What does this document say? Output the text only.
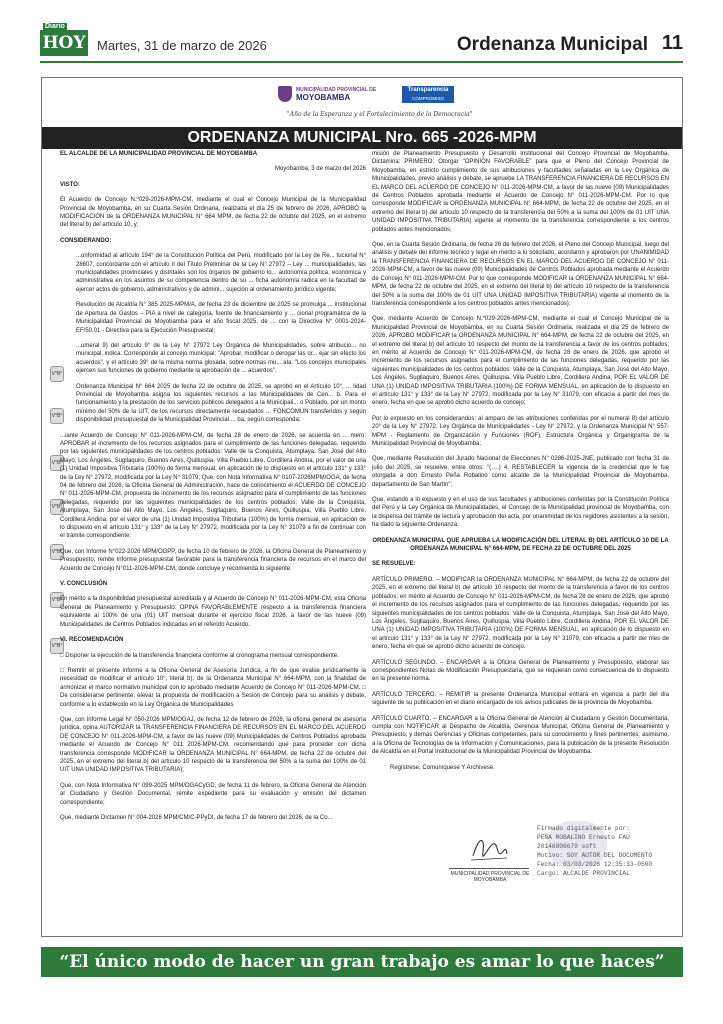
Diario
HOY Martes, 31 de marzo de 2026	Ordenanza Municipal 11
MUNICIPALIDAD PROVINCIAL DE
MOYOBAMBA
Transparencia
COMPROMISO
"Año de la Esperanza y el Fortalecimiento de la Democracia"
ORDENANZA MUNICIPAL Nro. 665 -2026-MPM
V°B°
V°B°
V°B°
V°B°
V°B°
V°B°
V°B°

EL ALCALDE DE LA MUNICIPALIDAD PROVINCIAL DE MOYOBAMBA

Moyobamba, 3 de marzo del 2026

VISTO:

El Acuerdo de Concejo N.º029-2026-MPM-CM, mediante el cual el Concejo Municipal de la Municipalidad Provincial de Moyobamba, en su Cuarta Sesión Ordinaria, realizada el día 25 de febrero de 2026, APROBÓ la MODIFICACIÓN de la ORDENANZA MUNICIPAL N° 664 MPM, de fecha 22 de octubre del 2025, en el extremo del literal b) del artículo 10, y;

CONSIDERANDO:

...onformidad al artículo 194° de la Constitución Política del Perú, modificado por la Ley de Re... tucional N° 28607, concordante con el artículo II del Título Preliminar de la Ley N° 27972 – Ley ... municipalidades, las municipalidades provinciales y distritales son los órganos de gobierno lo... autonomía política, económica y administrativa en los asuntos de su competencia dentro de su ... ficha autonomía radica en la facultad de ejercer actos de gobierno, administrativos y de admini... sujeción al ordenamiento jurídico vigente;

Resolución de Alcaldía N° 385 2025-MPM/A, de fecha 23 de diciembre de 2025 se promulga ... institucional de Apertura de Gastos – PIA a nivel de categoría, fuente de financiamiento y ... cional programática de la Municipalidad Provincial de Moyobamba para el año fiscal 2025, de ... con la Directiva N° 0001-2024-EF/50.01 - Directiva para la Ejecución Presupuestal;

...umeral 9) del artículo 9° de la Ley N° 27972 Ley Orgánica de Municipalidades, sobre atribucio... no municipal, indica: Corresponde al concejo municipal: "Aprobar, modificar o derogar las or... ejar sin efecto los acuerdos", y el artículo 39° de la misma norma glosada, sobre normas mu... ala: "Los concejos municipales ejercen sus funciones de gobierno mediante la aprobación de ... acuerdos".

Ordenanza Municipal N° 664 2025 de fecha 22 de octubre de 2025, se aprobó en el Artículo 10°, ... lidad Provincial de Moyobamba asigna los siguientes recursos a las Municipalidades de Cen... b. Para el funcionamiento y la prestación de los servicios públicos delegados a la Municipali... o Poblado, por un monto mínimo del 50% de la UIT, de los recursos directamente recaudados ... FONCOMUN transferidos y según disponibilidad presupuestal de la Municipalidad Provincial ... ba, según corresponda:

...iante Acuerdo de Concejo N° 011-2026-MPM-CM, de fecha 28 de enero de 2026, se acuerda en ... mero: APROBAR el incremento de los recursos asignados para el cumplimiento de las funciones delegadas, requerido por las siguientes municipalidades de los centros poblados: Valle de la Conquista, Atumplaya, San José del Alto Mayo, Los Ángeles, Sugllaquiro, Buenos Aires, Quilluspia, Villa Pueblo Libre, Cordillera Andina, por el valor de una (1) Unidad Impositiva Tributaria (100%) de forma mensual, en aplicación de lo dispuesto en el artículo 131° y 133° de la Ley N° 27972, modificada por la Ley N° 31079; Que, con Nota Informativa N° 0107-2026MPM/OGA, de fecha 04 de febrero del 2026, la Oficina General de Administración, hace de conocimiento el ACUERDO DE CONCEJO N° 011-2026-MPM-CM, propuesta de incremento de los recursos asignados para el cumplimiento de las funciones delegadas, requerido por las siguientes municipalidades de los centros poblados: Valle de la Conquista, Atumplaya, San José del Alto Mayo, Los Ángeles, Sugllaquiro, Buenos Aires, Quilluspia, Villa Pueblo Libre, Cordillera Andina, por el valor de una (1) Unidad Impositiva Tributaria (100%) de forma mensual, en aplicación de lo dispuesto en el artículo 131° y 133° de la Ley N° 27972, modificada por la Ley N° 31079 a fin de continuar con el trámite correspondiente;

Que, con Informe N°022-2026 MPM/OGPP, de fecha 10 de febrero de 2026, la Oficina General de Planeamiento y Presupuesto, remite Informe presupuestal favorable para la transferencia financiera de recursos en el marco del Acuerdo de Concejo N°011-2026-MPM-CM, donde concluye y recomienda lo siguiente:

V. CONCLUSIÓN

En mérito a la disponibilidad presupuestal acreditada y al Acuerdo de Concejo N° 011-2026-MPM-CM, esta Oficina General de Planeamiento y Presupuesto: OPINA FAVORABLEMENTE respecto a la transferencia financiera equivalente al 100% de una (01) UIT mensual durante el ejercicio fiscal 2026, a favor de las nueve (09) Municipalidades de Centros Poblados indicadas en el referido Acuerdo.

VI. RECOMENDACIÓN

□ Disponer la ejecución de la transferencia financiera conforme al cronograma mensual correspondiente.

□ Remitir el presente informe a la Oficina General de Asesoría Jurídica, a fin de que evalúe jurídicamente la necesidad de modificar el artículo 10°, literal b), de la Ordenanza Municipal N° 664-MPM, con la finalidad de armonizar el marco normativo municipal con lo aprobado mediante Acuerdo de Concejo N° 011-2026-MPM-CM. □ De considerarse pertinente, elevar la propuesta de modificación a Sesión de Concejo para su análisis y debate, conforme a lo establecido en la Ley Orgánica de Municipalidades

Que, con Informe Legal N° 050-2026 MPM/OGAJ, de fecha 12 de febrero de 2026, la oficina general de asesoría jurídica, opina AUTORIZAR la TRANSFERENCIA FINANCIERA DE RECURSOS EN EL MARCO DEL ACUERDO DE CONCEJO N° 011-2026-MPM-CM, a favor de las nueve (09) Municipalidades de Centros Poblados aprobada mediante el Acuerdo de Concejo N° 011 2026-MPM-CM, recomendando que para proceder con dicha transferencia corresponde MODIFICAR la ORDENANZA MUNICIPAL N° 664-MPM, de fecha 22 de octubre del 2025, en el extremo del literal b) del artículo 10 respecto de la transferencia del 50% a la suma del 100% de 01 UIT UNA UNIDAD IMPOSITIVA TRIBUTARIA);

Que, con Nota Informativa N° 099-2025 MPM/OGACyGD, de fecha 11 de febrero, la Oficina General de Atención al Ciudadano y Gestión Documental, remite expediente para su evaluación y emisión del dictamen correspondiente;

Que, mediante Dictamen N° 004-2026 MPM/CM/C-PPyDI, de fecha 17 de febrero del 2026, de la Co...

misión de Planeamiento Presupuesto y Desarrollo Institucional del Concejo Provincial de Moyobamba, Dictamina: PRIMERO: Otorgar "OPINIÓN FAVORABLE" para que el Pleno del Concejo Provincial de Moyobamba, en estricto cumplimiento de sus atribuciones y facultades señaladas en la Ley Orgánica de Municipalidades, previo análisis y debate, se apruebe LA TRANSFERENCIA FINANCIERA DE RECURSOS EN EL MARCO DEL ACUERDO DE CONCEJO N° 011-2026-MPM-CM, a favor de las nueve (09) Municipalidades de Centros Poblados aprobada mediante el Acuerdo de Concejo N° 011-2026-MPM-CM. Por lo que corresponde MODIFICAR la ORDENANZA MUNICIPAL N° 664-MPM, de fecha 22 de octubre del 2025, en el extremo del literal b) del artículo 10 respecto de la transferencia del 50% a la suma del 100% de 01 UIT UNA UNIDAD IMPOSITIVA TRIBUTARIA) vigente al momento de la transferencia correspondiente a los centros poblados antes mencionados;

Que, en la Cuarta Sesión Ordinaria, de fecha 26 de febrero del 2026, el Pleno del Concejo Municipal, luego del análisis y debate del informe técnico y legal en mérito a lo solicitado, acordaron y aprobaron por UNANIMIDAD la TRANSFERENCIA FINANCIERA DE RECURSOS EN EL MARCO DEL ACUERDO DE CONCEJO N° 011-2026-MPM-CM, a favor de las nueve (09) Municipalidades de Centros Poblados aprobada mediante el Acuerdo de Concejo N° 011-2026-MPM-CM. Por lo que corresponde MODIFICAR la ORDENANZA MUNICIPAL N° 664-MPM, de fecha 22 de octubre del 2025, en el extremo del literal b) del artículo 10 respecto de la transferencia del 50% a la suma del 100% de 01 UIT UNA UNIDAD IMPOSITIVA TRIBUTARIA) vigente al momento de la transferencia correspondiente a los centros poblados antes mencionados);

Que, mediante Acuerdo de Concejo N.º029-2026-MPM-CM, mediante el cual el Concejo Municipal de la Municipalidad Provincial de Moyobamba, en su Cuarta Sesión Ordinaria, realizada el día 25 de febrero de 2026, APROBÓ MODIFICAR la ORDENANZA MUNICIPAL N° 664-MPM, de fecha 22 de octubre del 2025, en el extremo del literal b) del artículo 10 respecto del monto de la transferencia a favor de los centros poblados; en mérito al Acuerdo de Concejo N° 011-2026-MPM-CM, de fecha 28 de enero de 2026, que aprobó el incremento de los recursos asignados para el cumplimiento de las funciones delegadas, requerido por las siguientes municipalidades de los centros poblados: Valle de la Conquista, Atumplaya, San José del Alto Mayo, Los Ángeles, Sugllaquiro, Buenos Aires, Quilluspia, Villa Pueblo Libre, Cordillera Andina, POR EL VALOR DE UNA (1) UNIDAD IMPOSITIVA TRIBUTARIA (100%) DE FORMA MENSUAL, en aplicación de lo dispuesto en el artículo 131° y 133° de la Ley N° 27972, modificada por la Ley N° 31079, con eficacia a partir del mes de enero, fecha en que se aprobó dicho acuerdo de concejo;

Por lo expuesto en los considerandos; al amparo de las atribuciones conferidas por el numeral 8) del artículo 20° de la Ley N° 27972, Ley Orgánica de Municipalidades - Ley N° 27972, y la Ordenanza Municipal N° 557-MPM - Reglamento de Organización y Funciones (ROF), Estructura Orgánica y Organigrama de la Municipalidad Provincial de Moyobamba;

Que, mediante Resolución del Jurado Nacional de Elecciones N° 0286-2025-JNE, publicado con fecha 31 de julio del 2025, se resuelve, entre otros: "(….) 4. RESTABLECER la vigencia de la credencial que le fue otorgada a don Ernesto Peña Robalino como alcalde de la Municipalidad Provincial de Moyobamba, departamento de San Martín";

Que, estando a lo expuesto y en el uso de sus facultades y atribuciones conferidas por la Constitución Política del Perú y la Ley Orgánica de Municipalidades, el Concejo de la Municipalidad provincial de Moyobamba, con la dispensa del trámite de lectura y aprobación del acta, por unanimidad de los regidores asistentes a la sesión, ha dado la siguiente Ordenanza:

ORDENANZA MUNICIPAL QUE APRUEBA LA MODIFICACIÓN DEL LITERAL B) DEL ARTÍCULO 10 DE LA ORDENANZA MUNICIPAL N° 664-MPM, DE FECHA 22 DE OCTUBRE DEL 2025

SE RESUELVE:

ARTÍCULO PRIMERO. – MODIFICAR la ORDENANZA MUNICIPAL N° 664-MPM, de fecha 22 de octubre del 2025, en el extremo del literal b) del artículo 10 respecto del monto de la transferencia a favor de los centros poblados; en mérito al Acuerdo de Concejo N° 011-2026-MPM-CM, de fecha 28 de enero de 2026, que aprobó el incremento de los recursos asignados para el cumplimiento de las funciones delegadas, requerido por las siguientes municipalidades de los centros poblados: Valle de la Conquista, Atumplaya, San José del Alto Mayo, Los Ángeles, Sugllaquiro, Buenos Aires, Quilluspia, Villa Pueblo Libre, Cordillera Andina, POR EL VALOR DE UNA (1) UNIDAD IMPOSITIVA TRIBUTARIA (100%) DE FORMA MENSUAL, en aplicación de lo dispuesto en el artículo 131° y 133° de la Ley N° 27972, modificada por la Ley N° 31079, con eficacia a partir del mes de enero, fecha en que se aprobó dicho acuerdo de concejo.

ARTÍCULO SEGUNDO. – ENCARGAR a la Oficina General de Planeamiento y Presupuesto, elaborar las correspondientes Notas de Modificación Presupuestaria, que se requieran como consecuencia de lo dispuesto en la presente norma.

ARTÍCULO TERCERO. – REMITIR la presente Ordenanza Municipal entrará en vigencia a partir del día siguiente de su publicación en el diario encargado de los avisos judiciales de la provincia de Moyobamba.

ARTÍCULO CUARTO. – ENCARGAR a la Oficina General de Atención al Ciudadano y Gestión Documentaria, cumpla con NOTIFICAR al Despacho de Alcaldía, Gerencia Municipal, Oficina General de Planeamiento y Presupuesto, y demás Gerencias y Oficinas competentes, para su conocimiento y fines pertinentes; asimismo, a la Oficina de Tecnologías de la Información y Comunicaciones, para la publicación de la presente Resolución de Alcaldía en el Portal Institucional de la Municipalidad Provincial de Moyobamba.

Regístrese, Comuníquese Y Archívese.

MUNICIPALIDAD PROVINCIAL DE MOYOBAMBA
Firmado digitalmente por:
PEÑA ROBALINO Ernesto FAU
20146806679 soft
Motivo: SOY AUTOR DEL DOCUMENTO
Fecha: 03/03/2026 12:35:33-0500
Cargo: ALCALDE PROVINCIAL
“El único modo de hacer un gran trabajo es amar lo que haces”
